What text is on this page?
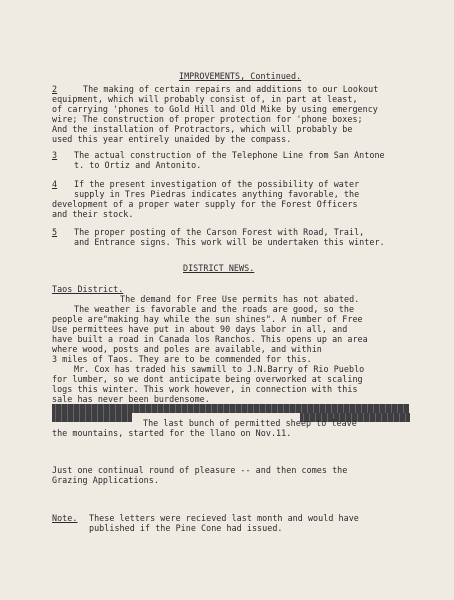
IMPROVEMENTS, Continued.
2	The making of certain repairs and additions to our Lookout
equipment, which will probably consist of, in part at least,
of carrying 'phones to Gold Hill and Old Mike by using emergency
wire; The construction of proper protection for 'phone boxes;
And the installation of Protractors, which will probably be
used this year entirely unaided by the compass.
3 The actual construction of the Telephone Line from San Antone
t. to Ortiz and Antonito.
4 If the present investigation of the possibility of water
supply in Tres Piedras indicates anything favorable, the
development of a proper water supply for the Forest Officers
and their stock.
5 The proper posting of the Carson Forest with Road, Trail,
and Entrance signs. This work will be undertaken this winter.
DISTRICT NEWS.
Taos District.
The demand for Free Use permits has not abated.
The weather is favorable and the roads are good, so the
people are"making hay while the sun shines". A number of Free
Use permittees have put in about 90 days labor in all, and
have built a road in Canada los Ranchos. This opens up an area
where wood, posts and poles are available, and within
3 miles of Taos. They are to be commended for this.
Mr. Cox has traded his sawmill to J.N.Barry of Rio Pueblo
for lumber, so we dont anticipate being overworked at scaling
logs this winter. This work however, in connection with this
sale has never been burdensome.
The last bunch of permitted sheep to leave
the mountains, started for the llano on Nov.11.
Just one continual round of pleasure -- and then comes the
Grazing Applications.
Note. These letters were recieved last month and would have
published if the Pine Cone had issued.
